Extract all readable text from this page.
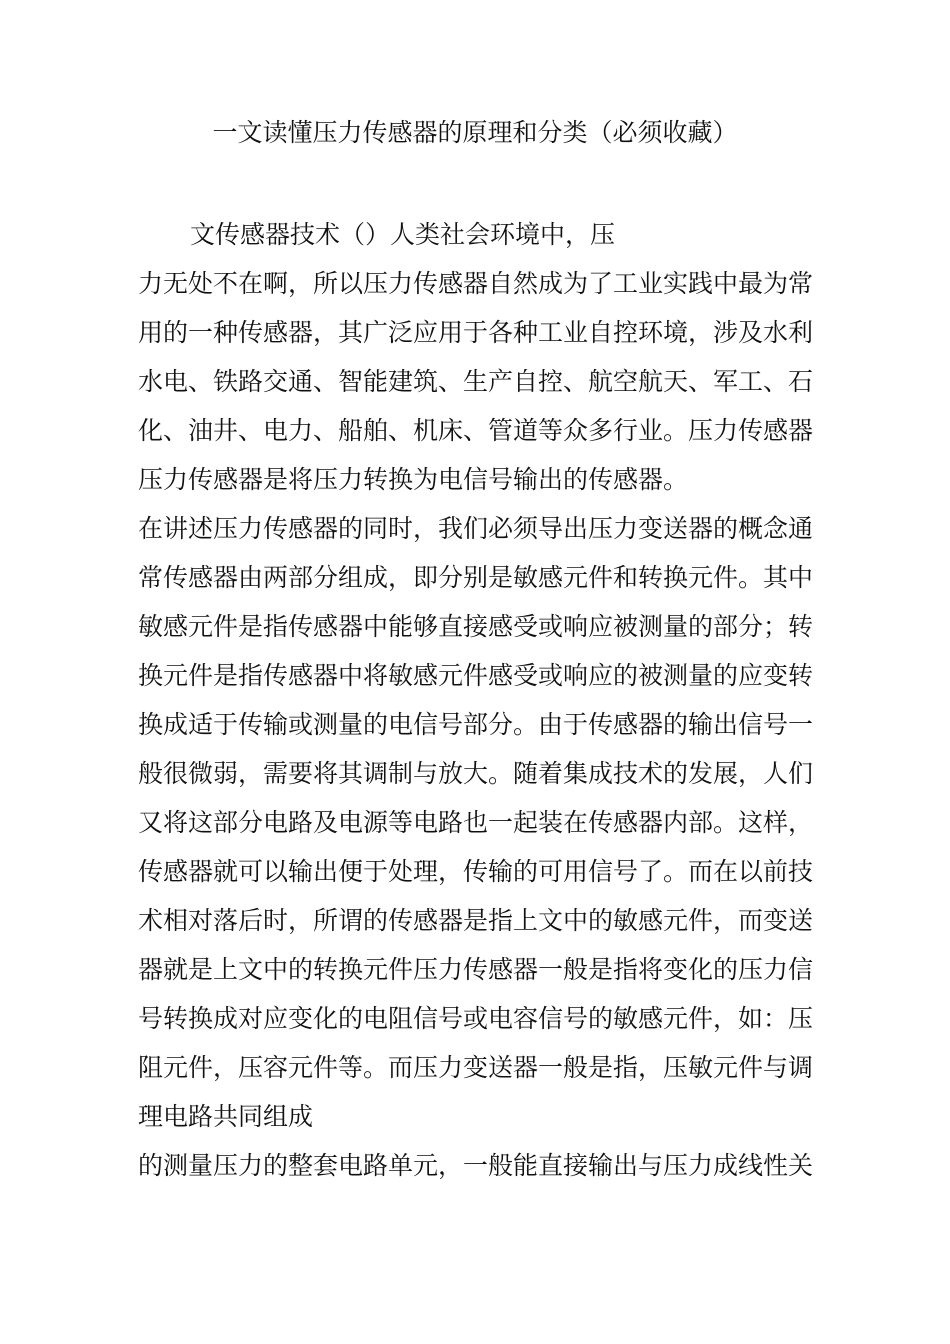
一文读懂压力传感器的原理和分类（必须收藏）
文传感器技术（）人类社会环境中，压
力无处不在啊，所以压力传感器自然成为了工业实践中最为常
用的一种传感器，其广泛应用于各种工业自控环境，涉及水利
水电、铁路交通、智能建筑、生产自控、航空航天、军工、石
化、油井、电力、船舶、机床、管道等众多行业。压力传感器
压力传感器是将压力转换为电信号输出的传感器。
在讲述压力传感器的同时，我们必须导出压力变送器的概念通
常传感器由两部分组成，即分别是敏感元件和转换元件。其中
敏感元件是指传感器中能够直接感受或响应被测量的部分；转
换元件是指传感器中将敏感元件感受或响应的被测量的应变转
换成适于传输或测量的电信号部分。由于传感器的输出信号一
般很微弱，需要将其调制与放大。随着集成技术的发展，人们
又将这部分电路及电源等电路也一起装在传感器内部。这样，
传感器就可以输出便于处理，传输的可用信号了。而在以前技
术相对落后时，所谓的传感器是指上文中的敏感元件，而变送
器就是上文中的转换元件压力传感器一般是指将变化的压力信
号转换成对应变化的电阻信号或电容信号的敏感元件，如：压
阻元件，压容元件等。而压力变送器一般是指，压敏元件与调
理电路共同组成
的测量压力的整套电路单元，一般能直接输出与压力成线性关
